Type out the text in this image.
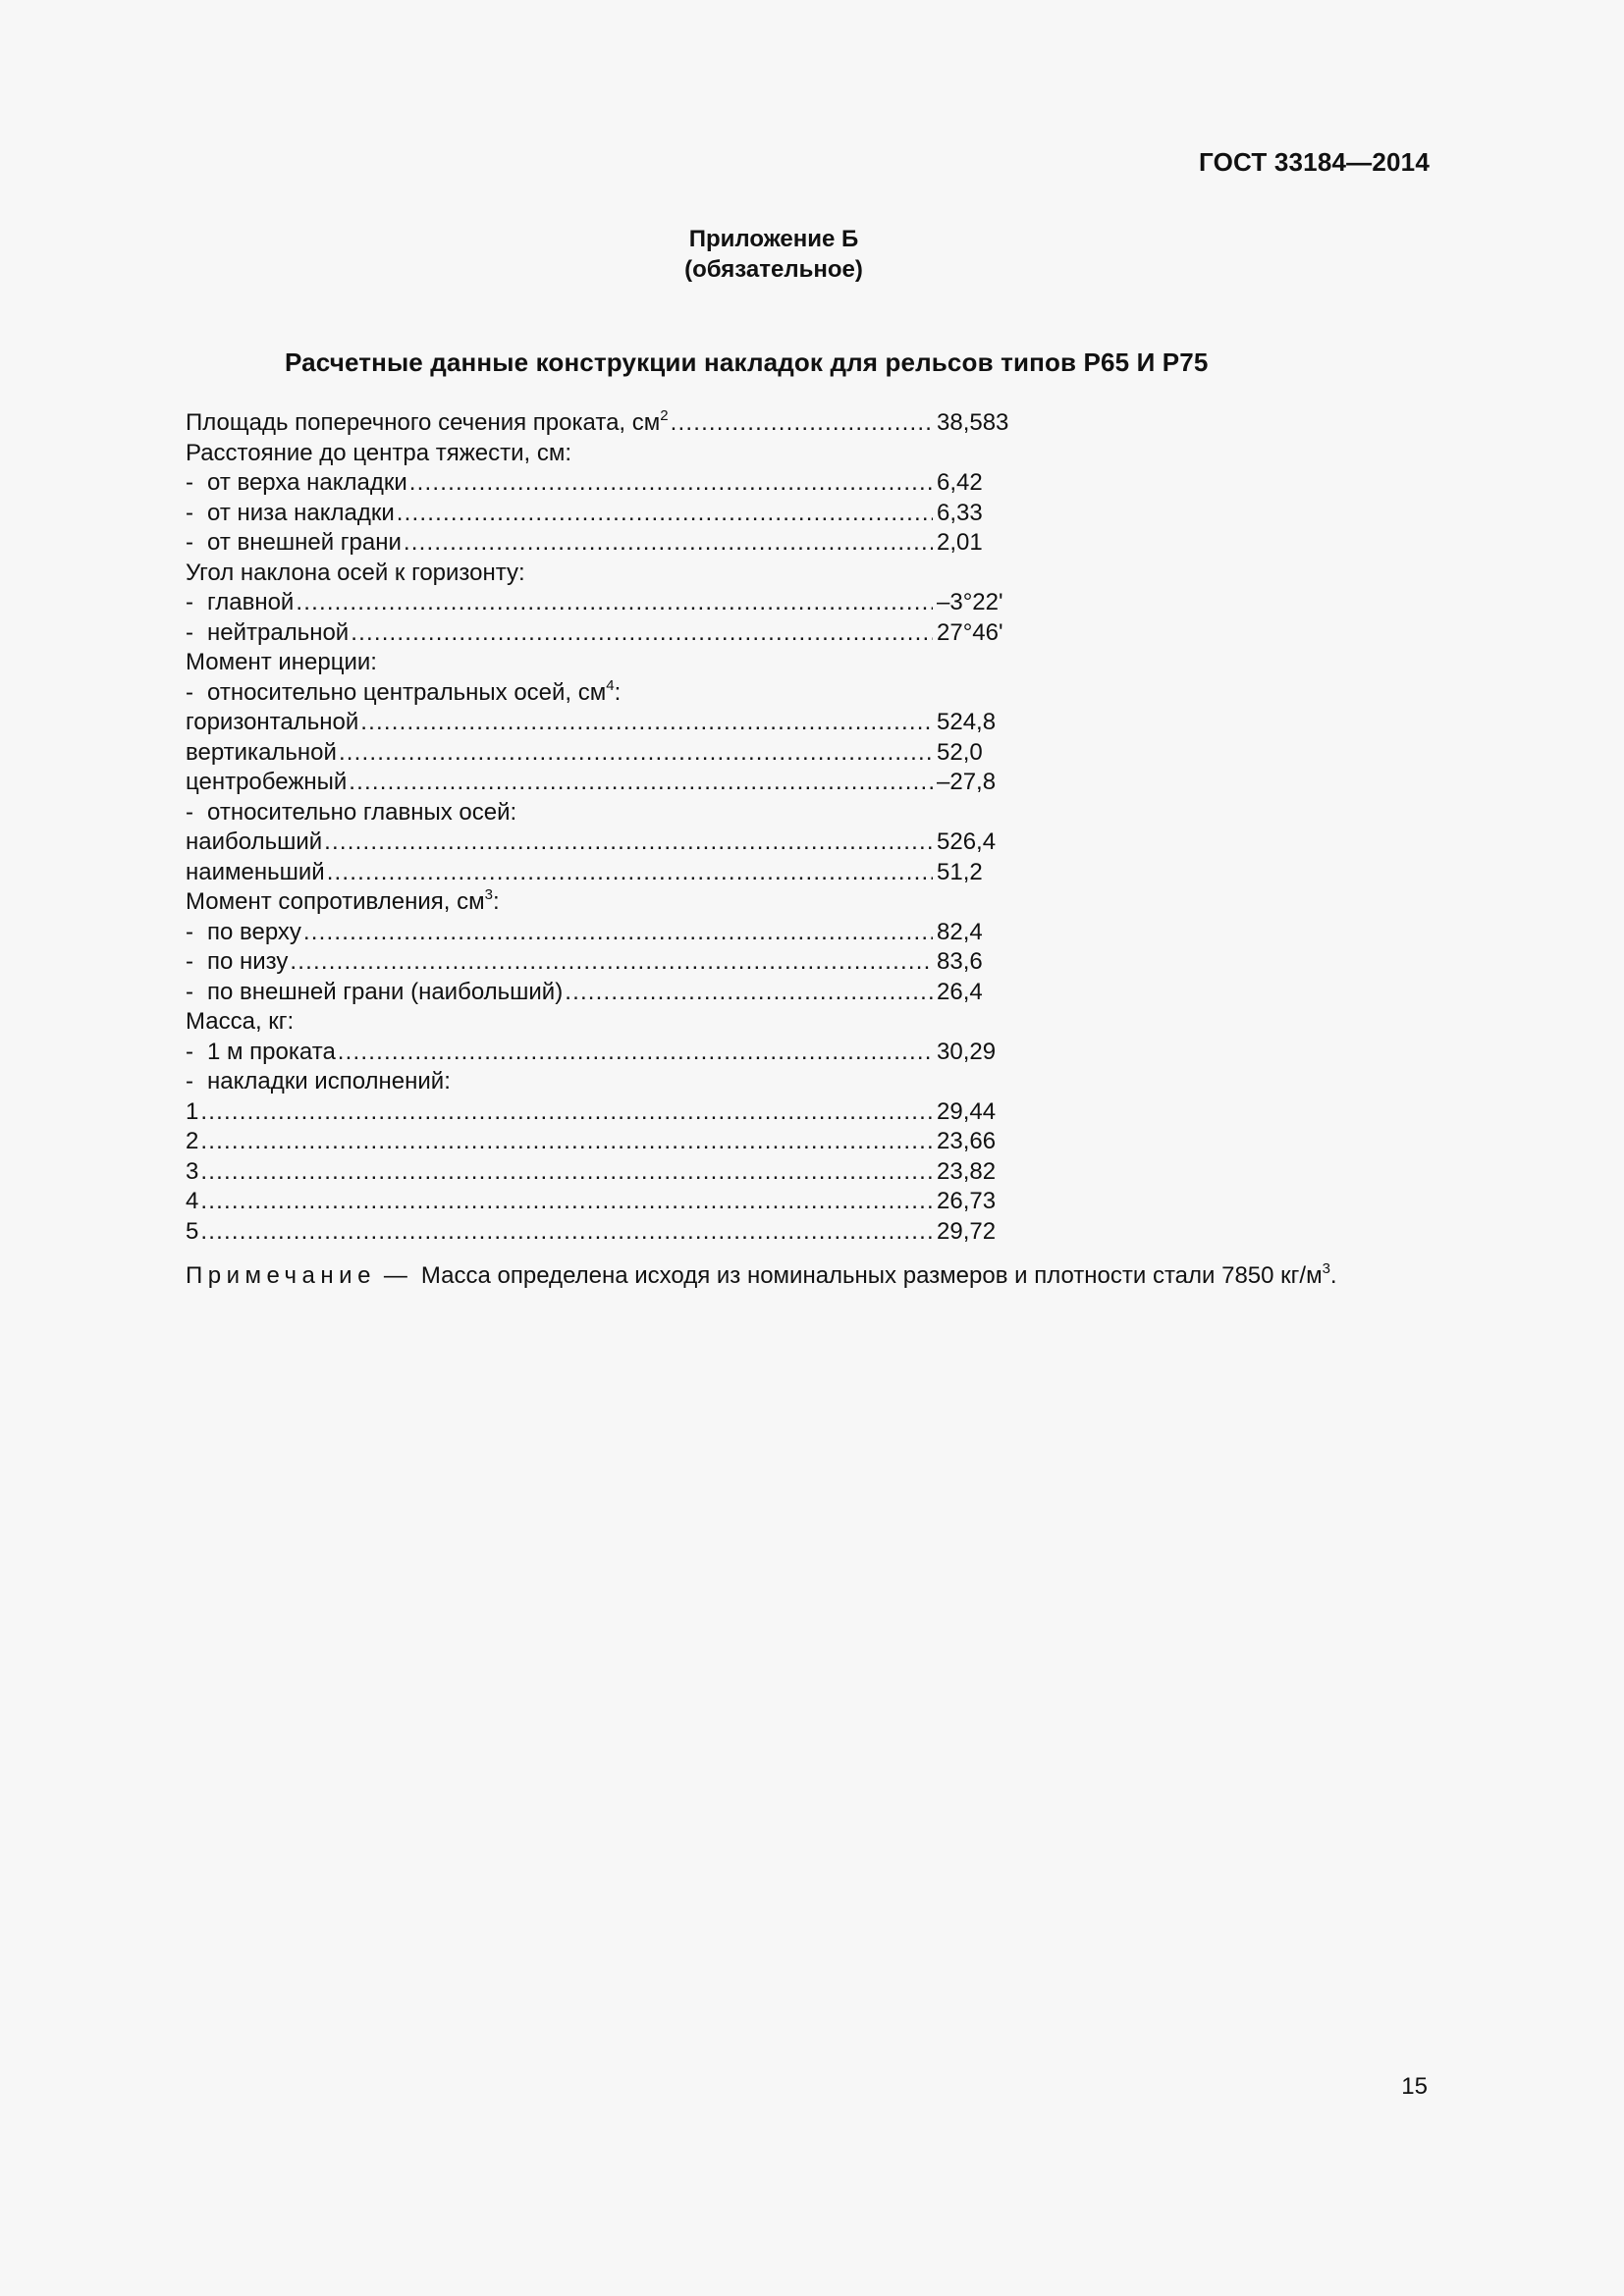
ГОСТ 33184—2014
Приложение Б
(обязательное)
Расчетные данные конструкции накладок для рельсов типов Р65 И Р75
Площадь поперечного сечения проката, $см^2$ .....	38,583
Расстояние до центра тяжести, см:
- от верха накладки .....	6,42
- от низа накладки .....	6,33
- от внешней грани .....	2,01
Угол наклона осей к горизонту:
- главной .....	–3°22'
- нейтральной .....	27°46'
Момент инерции:
- относительно центральных осей, $см^4$:
горизонтальной .....	524,8
вертикальной .....	52,0
центробежный .....	–27,8
- относительно главных осей:
наибольший .....	526,4
наименьший .....	51,2
Момент сопротивления, $см^3$:
- по верху .....	82,4
- по низу .....	83,6
- по внешней грани (наибольший) .....	26,4
Масса, кг:
- 1 м проката .....	30,29
- накладки исполнений:
1 .....	29,44
2 .....	23,66
3 .....	23,82
4 .....	26,73
5 .....	29,72
Примечание — Масса определена исходя из номинальных размеров и плотности стали 7850 $кг/м^3$.
15
